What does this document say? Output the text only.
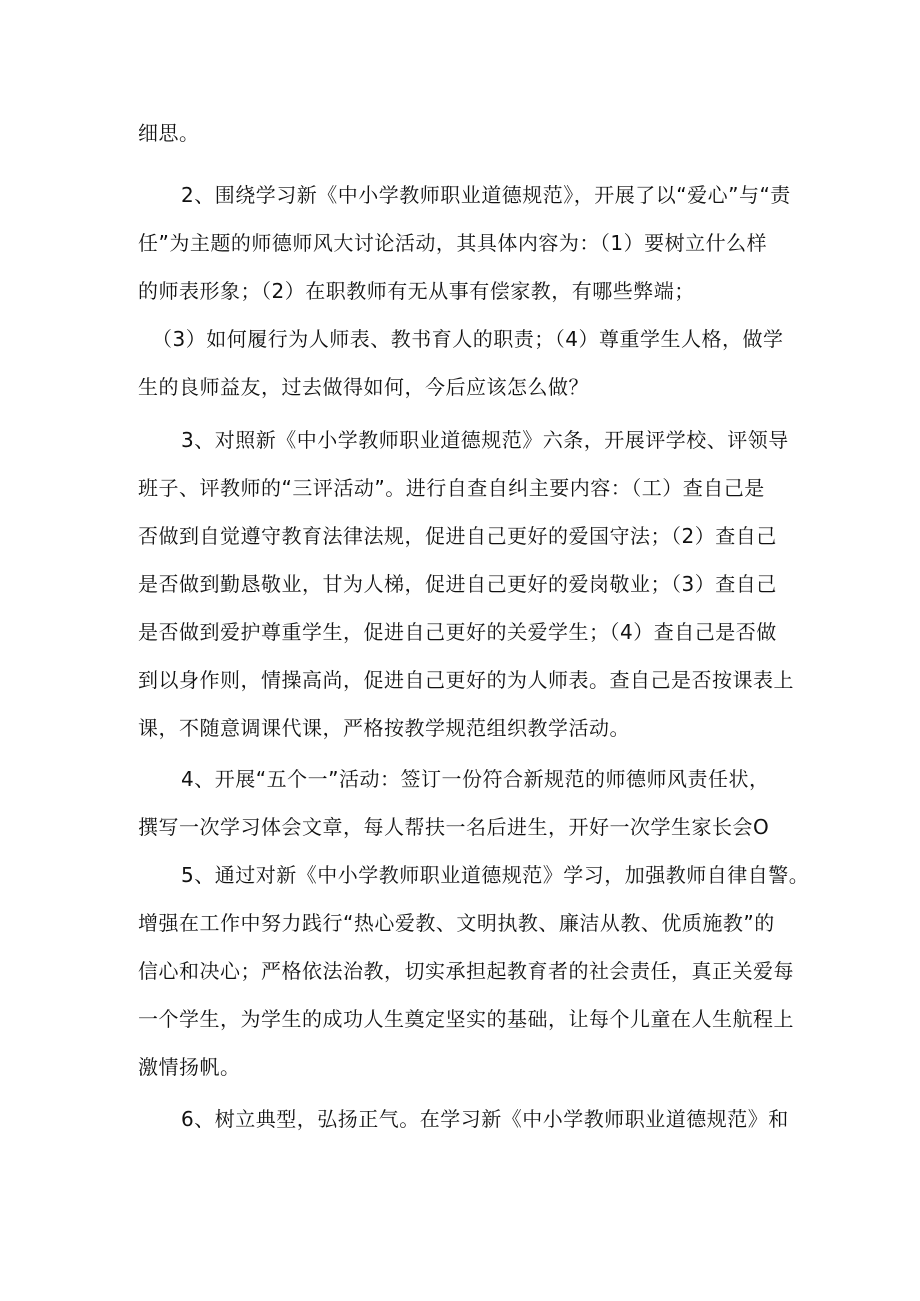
细思。
2、围绕学习新《中小学教师职业道德规范》，开展了以“爱心”与“责
任”为主题的师德师风大讨论活动，其具体内容为：（1）要树立什么样
的师表形象；（2）在职教师有无从事有偿家教，有哪些弊端；
（3）如何履行为人师表、教书育人的职责；（4）尊重学生人格，做学
生的良师益友，过去做得如何，今后应该怎么做？
3、对照新《中小学教师职业道德规范》六条，开展评学校、评领导
班子、评教师的“三评活动”。进行自查自纠主要内容：（工）查自己是
否做到自觉遵守教育法律法规，促进自己更好的爱国守法；（2）查自己
是否做到勤恳敬业，甘为人梯，促进自己更好的爱岗敬业；（3）查自己
是否做到爱护尊重学生，促进自己更好的关爱学生；（4）查自己是否做
到以身作则，情操高尚，促进自己更好的为人师表。查自己是否按课表上
课，不随意调课代课，严格按教学规范组织教学活动。
4、开展“五个一”活动：签订一份符合新规范的师德师风责任状，
撰写一次学习体会文章，每人帮扶一名后进生，开好一次学生家长会O
5、通过对新《中小学教师职业道德规范》学习，加强教师自律自警。
增强在工作中努力践行“热心爱教、文明执教、廉洁从教、优质施教”的
信心和决心；严格依法治教，切实承担起教育者的社会责任，真正关爱每
一个学生，为学生的成功人生奠定坚实的基础，让每个儿童在人生航程上
激情扬帆。
6、树立典型，弘扬正气。在学习新《中小学教师职业道德规范》和
